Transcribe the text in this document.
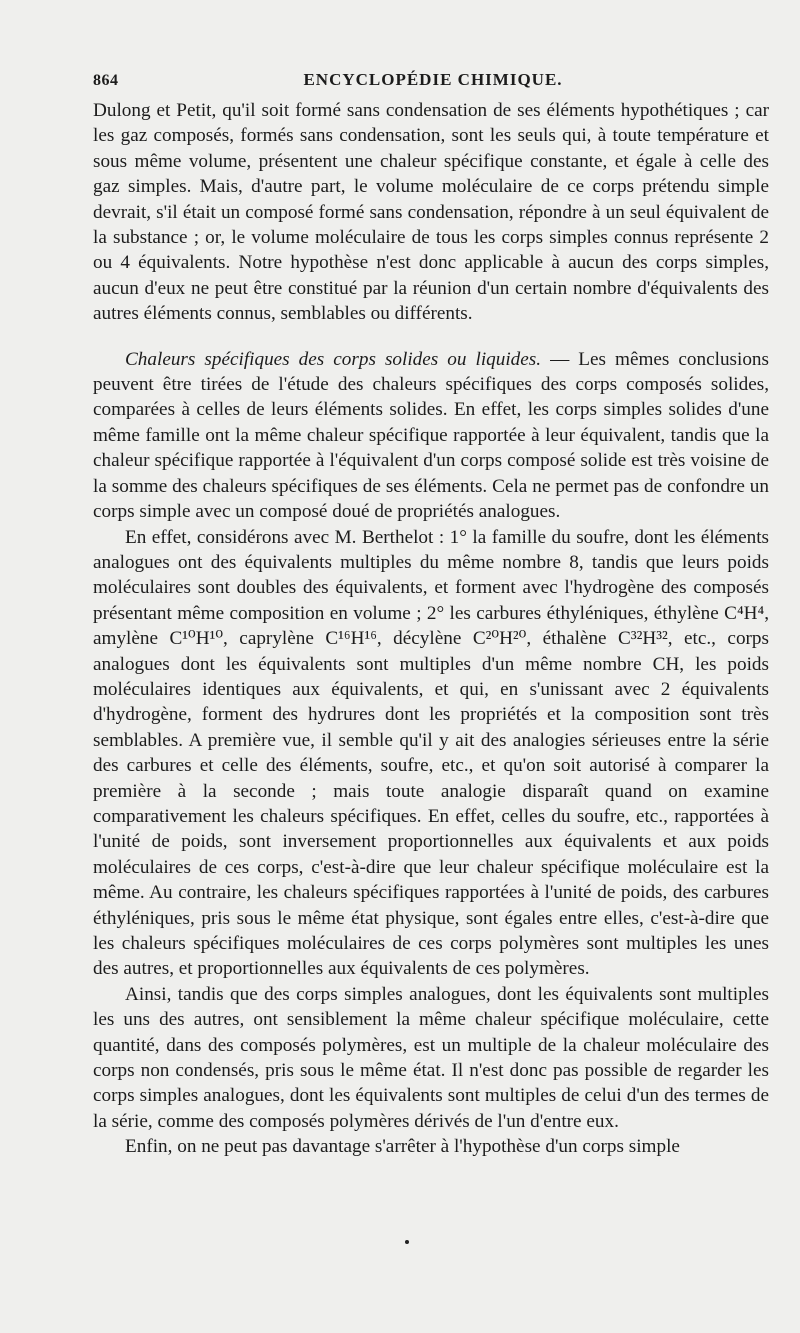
864	ENCYCLOPÉDIE CHIMIQUE.

Dulong et Petit, qu'il soit formé sans condensation de ses éléments hypothétiques ; car les gaz composés, formés sans condensation, sont les seuls qui, à toute température et sous même volume, présentent une chaleur spécifique constante, et égale à celle des gaz simples. Mais, d'autre part, le volume moléculaire de ce corps prétendu simple devrait, s'il était un composé formé sans condensation, répondre à un seul équivalent de la substance ; or, le volume moléculaire de tous les corps simples connus représente 2 ou 4 équivalents. Notre hypothèse n'est donc applicable à aucun des corps simples, aucun d'eux ne peut être constitué par la réunion d'un certain nombre d'équivalents des autres éléments connus, semblables ou différents.

Chaleurs spécifiques des corps solides ou liquides. — Les mêmes conclusions peuvent être tirées de l'étude des chaleurs spécifiques des corps composés solides, comparées à celles de leurs éléments solides. En effet, les corps simples solides d'une même famille ont la même chaleur spécifique rapportée à leur équivalent, tandis que la chaleur spécifique rapportée à l'équivalent d'un corps composé solide est très voisine de la somme des chaleurs spécifiques de ses éléments. Cela ne permet pas de confondre un corps simple avec un composé doué de propriétés analogues.

En effet, considérons avec M. Berthelot : 1° la famille du soufre, dont les éléments analogues ont des équivalents multiples du même nombre 8, tandis que leurs poids moléculaires sont doubles des équivalents, et forment avec l'hydrogène des composés présentant même composition en volume ; 2° les carbures éthyléniques, éthylène C⁴H⁴, amylène C¹⁰H¹⁰, caprylène C¹⁶H¹⁶, décylène C²⁰H²⁰, éthalène C³²H³², etc., corps analogues dont les équivalents sont multiples d'un même nombre CH, les poids moléculaires identiques aux équivalents, et qui, en s'unissant avec 2 équivalents d'hydrogène, forment des hydrures dont les propriétés et la composition sont très semblables. A première vue, il semble qu'il y ait des analogies sérieuses entre la série des carbures et celle des éléments, soufre, etc., et qu'on soit autorisé à comparer la première à la seconde ; mais toute analogie disparaît quand on examine comparativement les chaleurs spécifiques. En effet, celles du soufre, etc., rapportées à l'unité de poids, sont inversement proportionnelles aux équivalents et aux poids moléculaires de ces corps, c'est-à-dire que leur chaleur spécifique moléculaire est la même. Au contraire, les chaleurs spécifiques rapportées à l'unité de poids, des carbures éthyléniques, pris sous le même état physique, sont égales entre elles, c'est-à-dire que les chaleurs spécifiques moléculaires de ces corps polymères sont multiples les unes des autres, et proportionnelles aux équivalents de ces polymères.

Ainsi, tandis que des corps simples analogues, dont les équivalents sont multiples les uns des autres, ont sensiblement la même chaleur spécifique moléculaire, cette quantité, dans des composés polymères, est un multiple de la chaleur moléculaire des corps non condensés, pris sous le même état. Il n'est donc pas possible de regarder les corps simples analogues, dont les équivalents sont multiples de celui d'un des termes de la série, comme des composés polymères dérivés de l'un d'entre eux.

Enfin, on ne peut pas davantage s'arrêter à l'hypothèse d'un corps simple
